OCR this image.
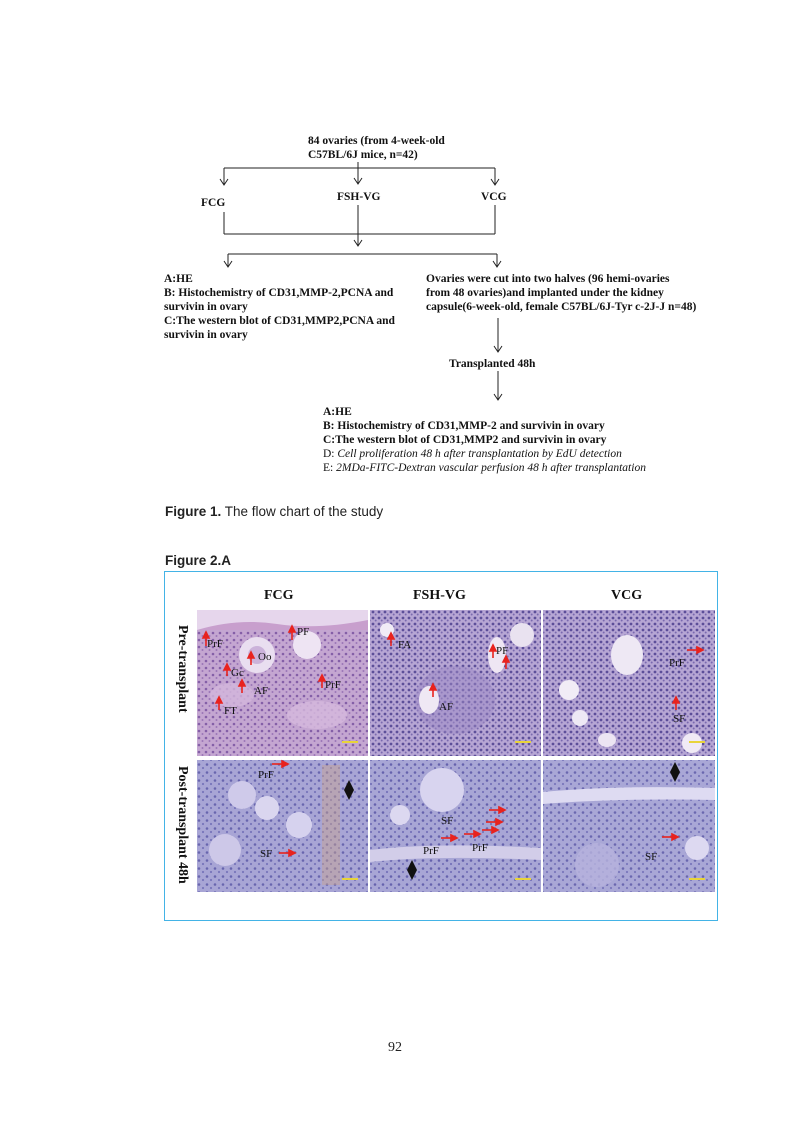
84 ovaries (from 4-week-old
C57BL/6J mice, n=42)
FCG	FSH-VG	VCG
A:HE
B: Histochemistry of CD31,MMP-2,PCNA and
survivin in ovary
C:The western blot of CD31,MMP2,PCNA and
survivin in ovary
Ovaries were cut into two halves (96 hemi-ovaries
from 48 ovaries)and implanted under the kidney
capsule(6-week-old, female C57BL/6J-Tyr c-2J-J n=48)
Transplanted 48h
A:HE
B: Histochemistry of CD31,MMP-2 and survivin in ovary
C:The western blot of CD31,MMP2 and survivin in ovary
D: Cell proliferation 48 h after transplantation by EdU detection
E: 2MDa-FITC-Dextran vascular perfusion 48 h after transplantation
Figure 1. The flow chart of the study
Figure 2.A
FCG	FSH-VG	VCG
Pre-transplant
Post-transplant 48h
PrF
PF
Oo
Gc
AF	PrF
FT
FA	PF
AF
PrF
SF
PrF
SF
SF
PrF	PrF
SF
92
